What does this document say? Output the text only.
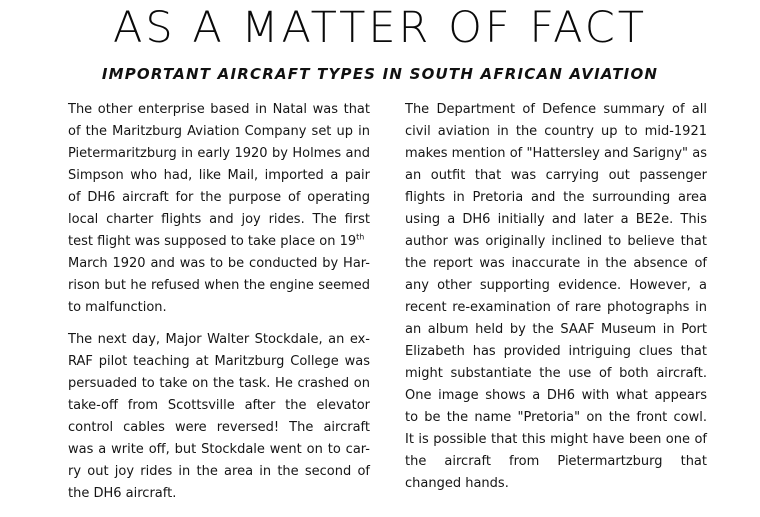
AS A MATTER OF FACT
IMPORTANT AIRCRAFT TYPES IN SOUTH AFRICAN AVIATION
The other enterprise based in Natal was that
of the Maritzburg Aviation Company set up in
Pietermaritzburg in early 1920 by Holmes and
Simpson who had, like Mail, imported a pair
of DH6 aircraft for the purpose of operating
local charter flights and joy rides. The first
test flight was supposed to take place on 19th
March 1920 and was to be conducted by Har-
rison but he refused when the engine seemed
to malfunction.
The next day, Major Walter Stockdale, an ex-
RAF pilot teaching at Maritzburg College was
persuaded to take on the task. He crashed on
take-off from Scottsville after the elevator
control cables were reversed! The aircraft
was a write off, but Stockdale went on to car-
ry out joy rides in the area in the second of
the DH6 aircraft.
The Department of Defence summary of all
civil aviation in the country up to mid-1921
makes mention of "Hattersley and Sarigny" as
an outfit that was carrying out passenger
flights in Pretoria and the surrounding area
using a DH6 initially and later a BE2e. This
author was originally inclined to believe that
the report was inaccurate in the absence of
any other supporting evidence. However, a
recent re-examination of rare photographs in
an album held by the SAAF Museum in Port
Elizabeth has provided intriguing clues that
might substantiate the use of both aircraft.
One image shows a DH6 with what appears
to be the name "Pretoria" on the front cowl.
It is possible that this might have been one of
the aircraft from Pietermartzburg that
changed hands.
